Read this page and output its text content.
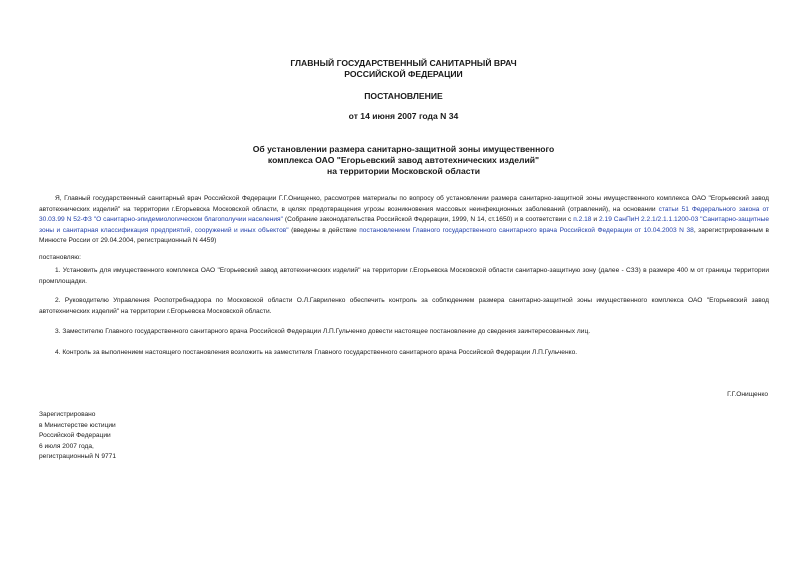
ГЛАВНЫЙ ГОСУДАРСТВЕННЫЙ САНИТАРНЫЙ ВРАЧ
РОССИЙСКОЙ ФЕДЕРАЦИИ
ПОСТАНОВЛЕНИЕ
от 14 июня 2007 года N 34
Об установлении размера санитарно-защитной зоны имущественного
комплекса ОАО "Егорьевский завод автотехнических изделий"
на территории Московской области
Я, Главный государственный санитарный врач Российской Федерации Г.Г.Онищенко, рассмотрев материалы по вопросу об установлении размера санитарно-защитной зоны имущественного комплекса ОАО "Егорьевский завод автотехнических изделий" на территории г.Егорьевска Московской области, в целях предотвращения угрозы возникновения массовых неинфекционных заболеваний (отравлений), на основании статьи 51 Федерального закона от 30.03.99 N 52-ФЗ "О санитарно-эпидемиологическом благополучии населения" (Собрание законодательства Российской Федерации, 1999, N 14, ст.1650) и в соответствии с п.2.18 и 2.19 СанПиН 2.2.1/2.1.1.1200-03 "Санитарно-защитные зоны и санитарная классификация предприятий, сооружений и иных объектов" (введены в действие постановлением Главного государственного санитарного врача Российской Федерации от 10.04.2003 N 38, зарегистрированным в Минюсте России от 29.04.2004, регистрационный N 4459)
постановляю:
1. Установить для имущественного комплекса ОАО "Егорьевский завод автотехнических изделий" на территории г.Егорьевска Московской области санитарно-защитную зону (далее - СЗЗ) в размере 400 м от границы территории промплощадки.
2. Руководителю Управления Роспотребнадзора по Московской области О.Л.Гавриленко обеспечить контроль за соблюдением размера санитарно-защитной зоны имущественного комплекса ОАО "Егорьевский завод автотехнических изделий" на территории г.Егорьевска Московской области.
3. Заместителю Главного государственного санитарного врача Российской Федерации Л.П.Гульченко довести настоящее постановление до сведения заинтересованных лиц.
4. Контроль за выполнением настоящего постановления возложить на заместителя Главного государственного санитарного врача Российской Федерации Л.П.Гульченко.
Г.Г.Онищенко
Зарегистрировано
в Министерстве юстиции
Российской Федерации
6 июля 2007 года,
регистрационный N 9771
